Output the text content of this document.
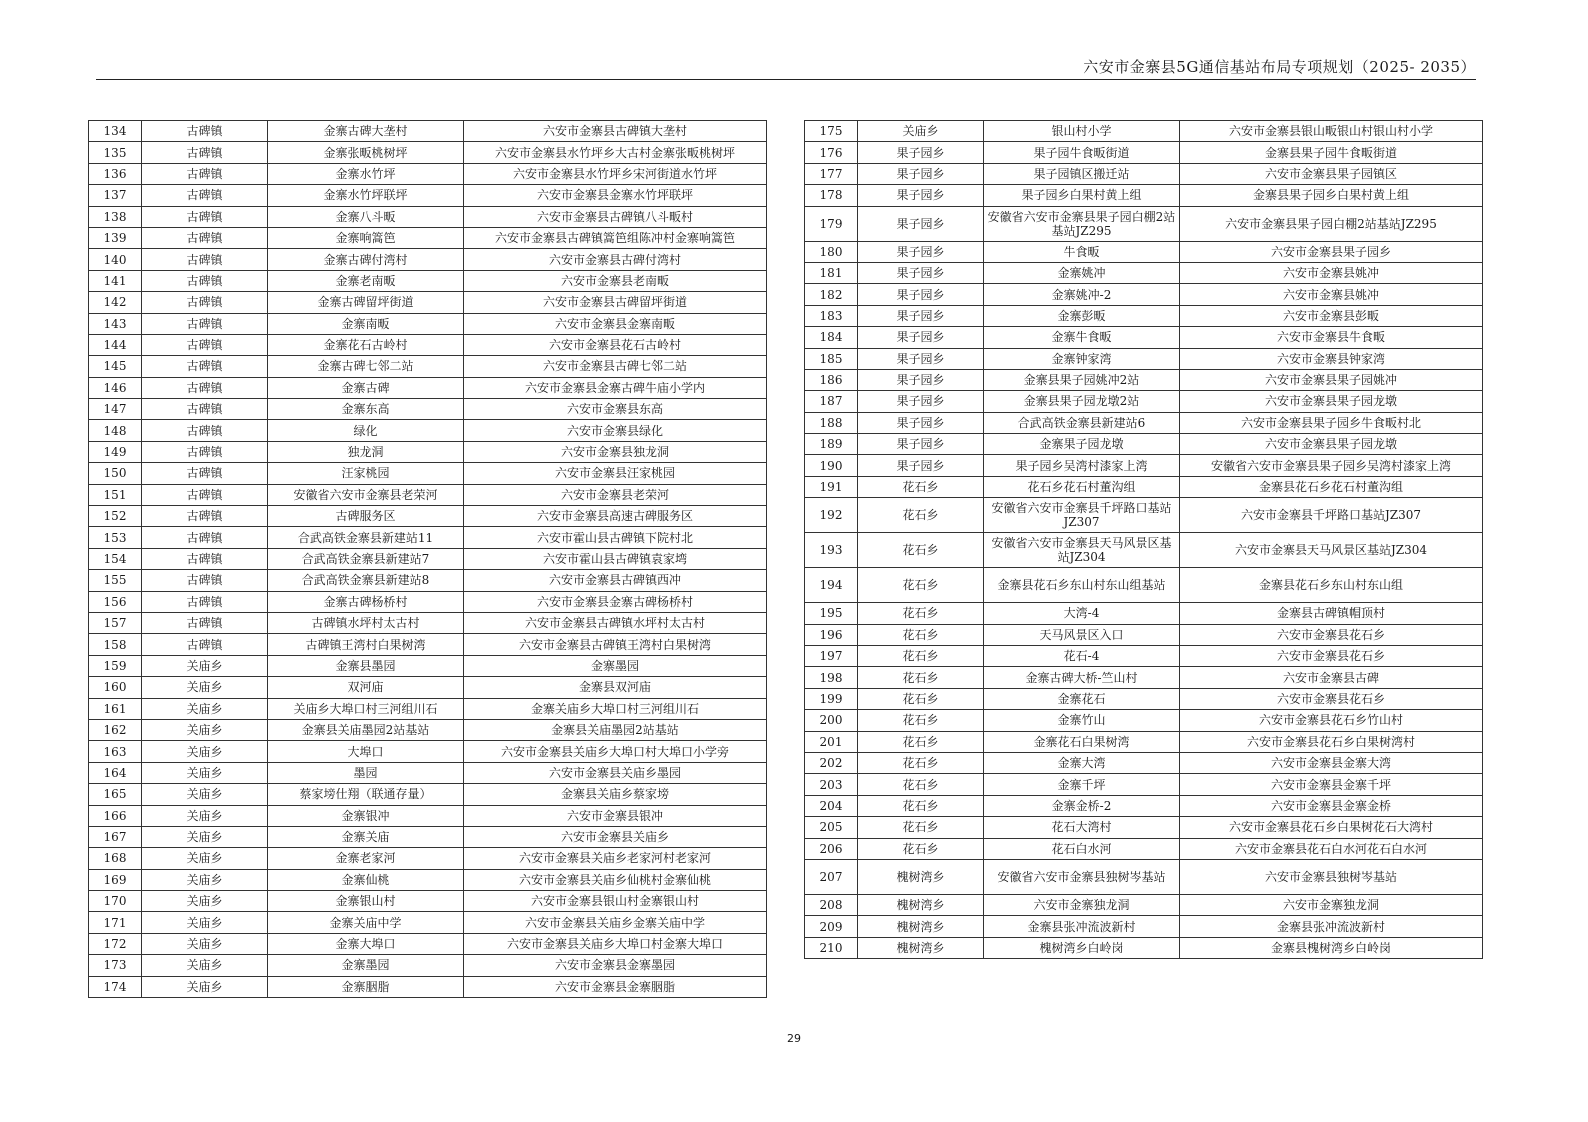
六安市金寨县5G通信基站布局专项规划（2025- 2035）
134	古碑镇	金寨古碑大垄村	六安市金寨县古碑镇大垄村
135	古碑镇	金寨张畈桃树坪	六安市金寨县水竹坪乡大古村金寨张畈桃树坪
136	古碑镇	金寨水竹坪	六安市金寨县水竹坪乡宋河街道水竹坪
137	古碑镇	金寨水竹坪联坪	六安市金寨县金寨水竹坪联坪
138	古碑镇	金寨八斗畈	六安市金寨县古碑镇八斗畈村
139	古碑镇	金寨响篙笆	六安市金寨县古碑镇篙笆组陈冲村金寨响篙笆
140	古碑镇	金寨古碑付湾村	六安市金寨县古碑付湾村
141	古碑镇	金寨老南畈	六安市金寨县老南畈
142	古碑镇	金寨古碑留坪街道	六安市金寨县古碑留坪街道
143	古碑镇	金寨南畈	六安市金寨县金寨南畈
144	古碑镇	金寨花石古岭村	六安市金寨县花石古岭村
145	古碑镇	金寨古碑七邻二站	六安市金寨县古碑七邻二站
146	古碑镇	金寨古碑	六安市金寨县金寨古碑牛庙小学内
147	古碑镇	金寨东高	六安市金寨县东高
148	古碑镇	绿化	六安市金寨县绿化
149	古碑镇	独龙洞	六安市金寨县独龙洞
150	古碑镇	汪家桃园	六安市金寨县汪家桃园
151	古碑镇	安徽省六安市金寨县老荣河	六安市金寨县老荣河
152	古碑镇	古碑服务区	六安市金寨县高速古碑服务区
153	古碑镇	合武高铁金寨县新建站11	六安市霍山县古碑镇下院村北
154	古碑镇	合武高铁金寨县新建站7	六安市霍山县古碑镇袁家塆
155	古碑镇	合武高铁金寨县新建站8	六安市金寨县古碑镇西冲
156	古碑镇	金寨古碑杨桥村	六安市金寨县金寨古碑杨桥村
157	古碑镇	古碑镇水坪村太古村	六安市金寨县古碑镇水坪村太古村
158	古碑镇	古碑镇王湾村白果树湾	六安市金寨县古碑镇王湾村白果树湾
159	关庙乡	金寨县墨园	金寨墨园
160	关庙乡	双河庙	金寨县双河庙
161	关庙乡	关庙乡大埠口村三河组川石	金寨关庙乡大埠口村三河组川石
162	关庙乡	金寨县关庙墨园2站基站	金寨县关庙墨园2站基站
163	关庙乡	大埠口	六安市金寨县关庙乡大埠口村大埠口小学旁
164	关庙乡	墨园	六安市金寨县关庙乡墨园
165	关庙乡	蔡家塝仕翔（联通存量）	金寨县关庙乡蔡家塝
166	关庙乡	金寨银冲	六安市金寨县银冲
167	关庙乡	金寨关庙	六安市金寨县关庙乡
168	关庙乡	金寨老家河	六安市金寨县关庙乡老家河村老家河
169	关庙乡	金寨仙桃	六安市金寨县关庙乡仙桃村金寨仙桃
170	关庙乡	金寨银山村	六安市金寨县银山村金寨银山村
171	关庙乡	金寨关庙中学	六安市金寨县关庙乡金寨关庙中学
172	关庙乡	金寨大埠口	六安市金寨县关庙乡大埠口村金寨大埠口
173	关庙乡	金寨墨园	六安市金寨县金寨墨园
174	关庙乡	金寨胭脂	六安市金寨县金寨胭脂
175	关庙乡	银山村小学	六安市金寨县银山畈银山村银山村小学
176	果子园乡	果子园牛食畈街道	金寨县果子园牛食畈街道
177	果子园乡	果子园镇区搬迁站	六安市金寨县果子园镇区
178	果子园乡	果子园乡白果村黄上组	金寨县果子园乡白果村黄上组
179	果子园乡	安徽省六安市金寨县果子园白棚2站基站JZ295	六安市金寨县果子园白棚2站基站JZ295
180	果子园乡	牛食畈	六安市金寨县果子园乡
181	果子园乡	金寨姚冲	六安市金寨县姚冲
182	果子园乡	金寨姚冲-2	六安市金寨县姚冲
183	果子园乡	金寨彭畈	六安市金寨县彭畈
184	果子园乡	金寨牛食畈	六安市金寨县牛食畈
185	果子园乡	金寨钟家湾	六安市金寨县钟家湾
186	果子园乡	金寨县果子园姚冲2站	六安市金寨县果子园姚冲
187	果子园乡	金寨县果子园龙墩2站	六安市金寨县果子园龙墩
188	果子园乡	合武高铁金寨县新建站6	六安市金寨县果子园乡牛食畈村北
189	果子园乡	金寨果子园龙墩	六安市金寨县果子园龙墩
190	果子园乡	果子园乡吴湾村漆家上湾	安徽省六安市金寨县果子园乡吴湾村漆家上湾
191	花石乡	花石乡花石村董沟组	金寨县花石乡花石村董沟组
192	花石乡	安徽省六安市金寨县千坪路口基站JZ307	六安市金寨县千坪路口基站JZ307
193	花石乡	安徽省六安市金寨县天马风景区基站JZ304	六安市金寨县天马风景区基站JZ304
194	花石乡	金寨县花石乡东山村东山组基站	金寨县花石乡东山村东山组
195	花石乡	大湾-4	金寨县古碑镇帽顶村
196	花石乡	天马风景区入口	六安市金寨县花石乡
197	花石乡	花石-4	六安市金寨县花石乡
198	花石乡	金寨古碑大桥-竺山村	六安市金寨县古碑
199	花石乡	金寨花石	六安市金寨县花石乡
200	花石乡	金寨竹山	六安市金寨县花石乡竹山村
201	花石乡	金寨花石白果树湾	六安市金寨县花石乡白果树湾村
202	花石乡	金寨大湾	六安市金寨县金寨大湾
203	花石乡	金寨千坪	六安市金寨县金寨千坪
204	花石乡	金寨金桥-2	六安市金寨县金寨金桥
205	花石乡	花石大湾村	六安市金寨县花石乡白果树花石大湾村
206	花石乡	花石白水河	六安市金寨县花石白水河花石白水河
207	槐树湾乡	安徽省六安市金寨县独树岑基站	六安市金寨县独树岑基站
208	槐树湾乡	六安市金寨独龙洞	六安市金寨独龙洞
209	槐树湾乡	金寨县张冲流波新村	金寨县张冲流波新村
210	槐树湾乡	槐树湾乡白岭岗	金寨县槐树湾乡白岭岗
29
